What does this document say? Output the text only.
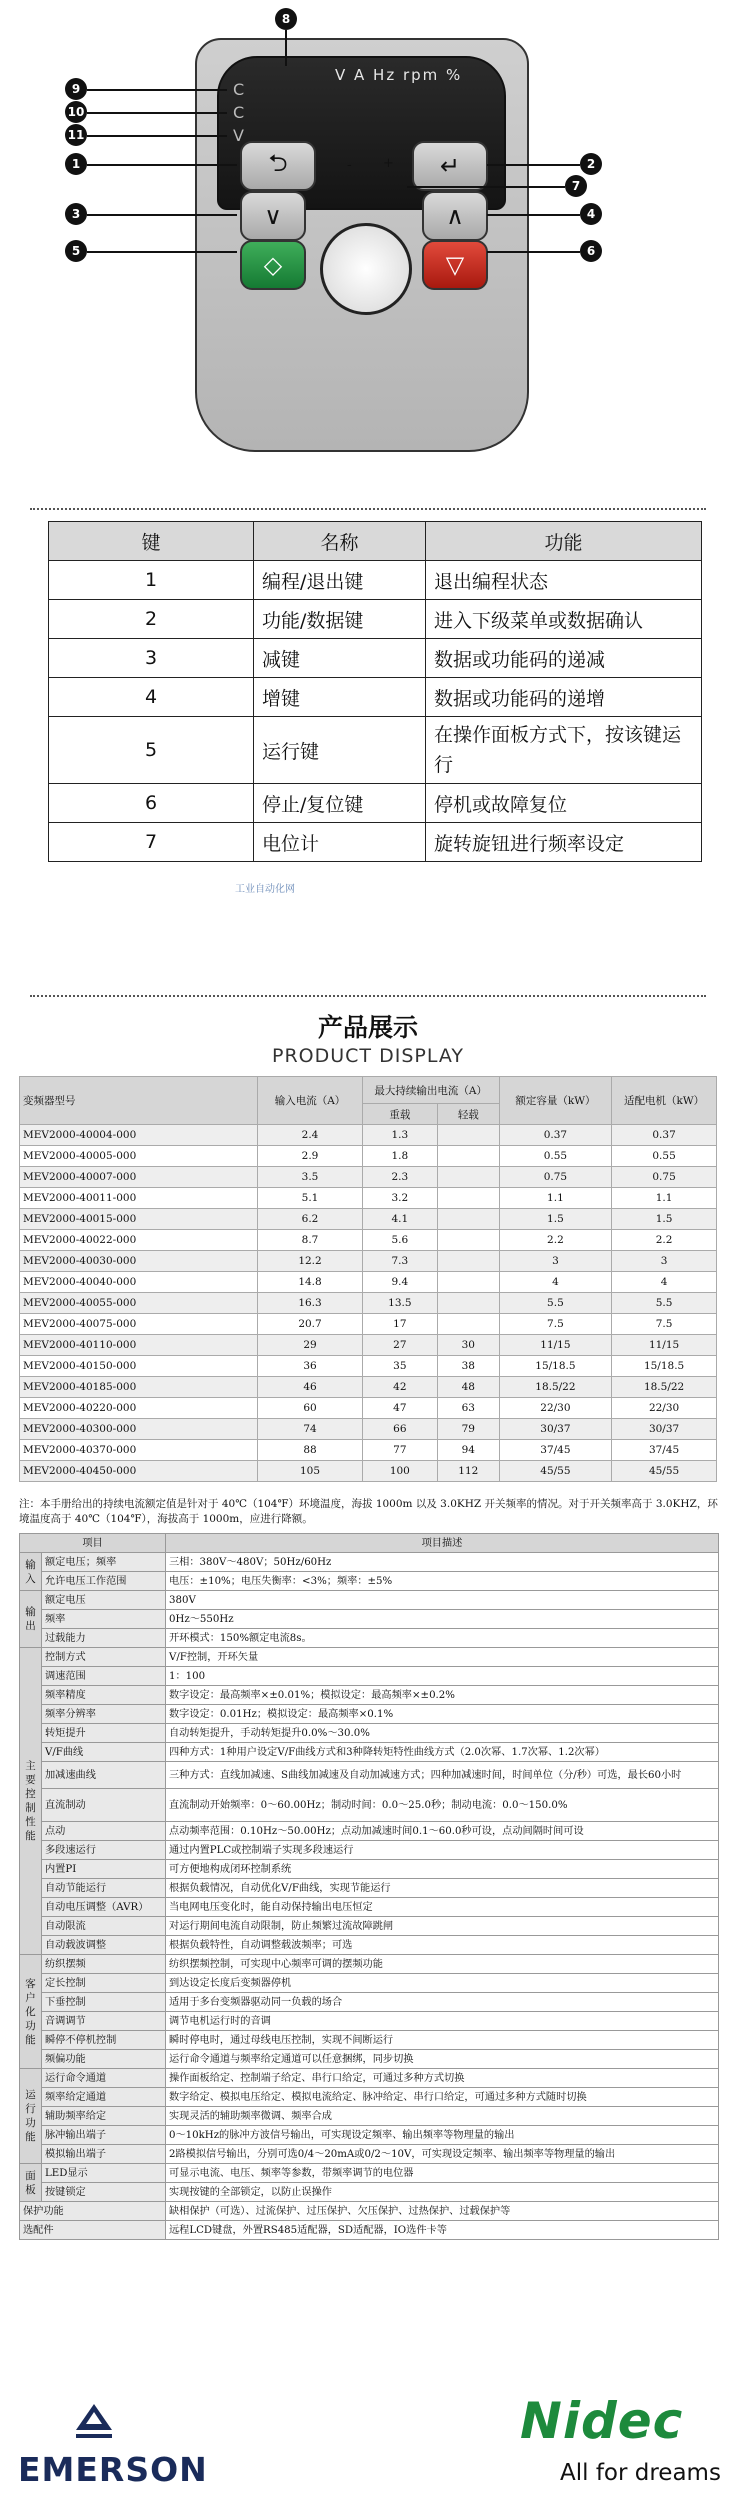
V A Hz rpm %
C
C
V
⮌	↵
∨	∧
◇	▽
- +
8
9
10
11
1
3
5
2
7
4
6
键	名称	功能
1	编程/退出键	退出编程状态
2	功能/数据键	进入下级菜单或数据确认
3	减键	数据或功能码的递减
4	增键	数据或功能码的递增
5	运行键	在操作面板方式下，按该键运行
6	停止/复位键	停机或故障复位
7	电位计	旋转旋钮进行频率设定
工业自动化网
产品展示
PRODUCT DISPLAY
变频器型号	输入电流（A）	最大持续输出电流（A）		额定容量（kW）	适配电机（kW）
		重载	轻载		
MEV2000-40004-000	2.4	1.3		0.37	0.37
MEV2000-40005-000	2.9	1.8		0.55	0.55
MEV2000-40007-000	3.5	2.3		0.75	0.75
MEV2000-40011-000	5.1	3.2		1.1	1.1
MEV2000-40015-000	6.2	4.1		1.5	1.5
MEV2000-40022-000	8.7	5.6		2.2	2.2
MEV2000-40030-000	12.2	7.3		3	3
MEV2000-40040-000	14.8	9.4		4	4
MEV2000-40055-000	16.3	13.5		5.5	5.5
MEV2000-40075-000	20.7	17		7.5	7.5
MEV2000-40110-000	29	27	30	11/15	11/15
MEV2000-40150-000	36	35	38	15/18.5	15/18.5
MEV2000-40185-000	46	42	48	18.5/22	18.5/22
MEV2000-40220-000	60	47	63	22/30	22/30
MEV2000-40300-000	74	66	79	30/37	30/37
MEV2000-40370-000	88	77	94	37/45	37/45
MEV2000-40450-000	105	100	112	45/55	45/55
注：本手册给出的持续电流额定值是针对于 40℃（104℉）环境温度，海拔 1000m 以及 3.0KHZ 开关频率的情况。对于开关频率高于 3.0KHZ，环境温度高于 40℃（104℉），海拔高于 1000m，应进行降额。
项目		项目描述
输入	额定电压；频率	三相：380V～480V；50Hz/60Hz
	允许电压工作范围	电压：±10%；电压失衡率：<3%；频率：±5%
输出	额定电压	380V
	频率	0Hz～550Hz
	过载能力	开环模式：150%额定电流8s。
主要控制性能	控制方式	V/F控制，开环矢量
	调速范围	1：100
	频率精度	数字设定：最高频率×±0.01%；模拟设定：最高频率×±0.2%
	频率分辨率	数字设定：0.01Hz；模拟设定：最高频率×0.1%
	转矩提升	自动转矩提升，手动转矩提升0.0%～30.0%
	V/F曲线	四种方式：1种用户设定V/F曲线方式和3种降转矩特性曲线方式（2.0次幂、1.7次幂、1.2次幂）
	加减速曲线	三种方式：直线加减速、S曲线加减速及自动加减速方式；四种加减速时间，时间单位（分/秒）可选，最长60小时
	直流制动	直流制动开始频率：0～60.00Hz；制动时间：0.0～25.0秒；制动电流：0.0～150.0%
	点动	点动频率范围：0.10Hz～50.00Hz；点动加减速时间0.1～60.0秒可设，点动间隔时间可设
	多段速运行	通过内置PLC或控制端子实现多段速运行
	内置PI	可方便地构成闭环控制系统
	自动节能运行	根据负载情况，自动优化V/F曲线，实现节能运行
	自动电压调整（AVR）	当电网电压变化时，能自动保持输出电压恒定
	自动限流	对运行期间电流自动限制，防止频繁过流故障跳闸
	自动载波调整	根据负载特性，自动调整载波频率；可选
客户化功能	纺织摆频	纺织摆频控制，可实现中心频率可调的摆频功能
	定长控制	到达设定长度后变频器停机
	下垂控制	适用于多台变频器驱动同一负载的场合
	音调调节	调节电机运行时的音调
	瞬停不停机控制	瞬时停电时，通过母线电压控制，实现不间断运行
	频偏功能	运行命令通道与频率给定通道可以任意捆绑，同步切换
运行功能	运行命令通道	操作面板给定、控制端子给定、串行口给定，可通过多种方式切换
	频率给定通道	数字给定、模拟电压给定、模拟电流给定、脉冲给定、串行口给定，可通过多种方式随时切换
	辅助频率给定	实现灵活的辅助频率微调、频率合成
	脉冲输出端子	0～10kHz的脉冲方波信号输出，可实现设定频率、输出频率等物理量的输出
	模拟输出端子	2路模拟信号输出，分别可选0/4～20mA或0/2～10V，可实现设定频率、输出频率等物理量的输出
面板	LED显示	可显示电流、电压、频率等参数，带频率调节的电位器
	按键锁定	实现按键的全部锁定，以防止误操作
保护功能		缺相保护（可选）、过流保护、过压保护、欠压保护、过热保护、过载保护等
选配件		远程LCD键盘，外置RS485适配器，SD适配器，IO选件卡等
EMERSON
Nidec
All for dreams
